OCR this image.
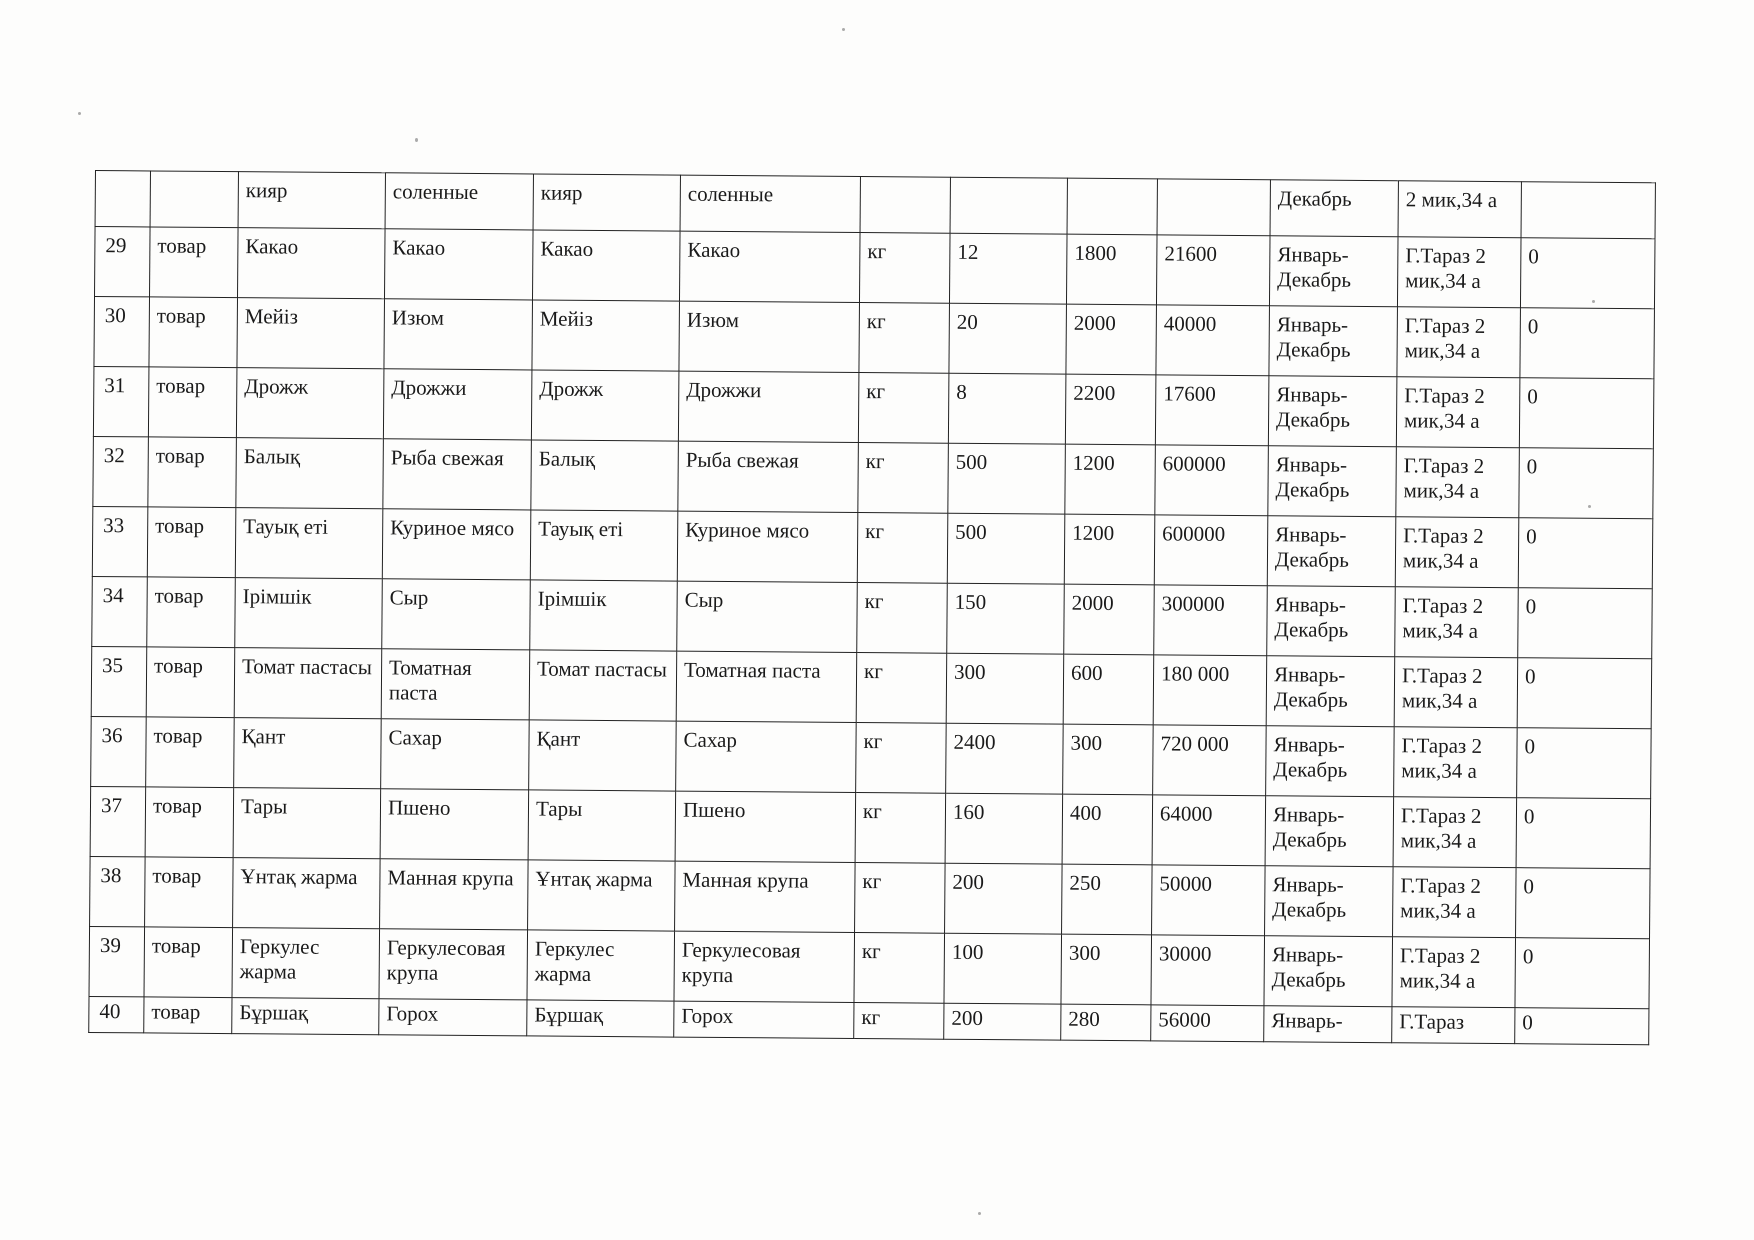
		кияр	соленные	кияр	соленные					Декабрь	2 мик,34 а	
29	товар	Какао	Какао	Какао	Какао	кг	12	1800	21600	Январь-Декабрь	Г.Тараз 2 мик,34 а	0
30	товар	Мейіз	Изюм	Мейіз	Изюм	кг	20	2000	40000	Январь-Декабрь	Г.Тараз 2 мик,34 а	0
31	товар	Дрожж	Дрожжи	Дрожж	Дрожжи	кг	8	2200	17600	Январь-Декабрь	Г.Тараз 2 мик,34 а	0
32	товар	Балық	Рыба свежая	Балық	Рыба свежая	кг	500	1200	600000	Январь-Декабрь	Г.Тараз 2 мик,34 а	0
33	товар	Тауық еті	Куриное мясо	Тауық еті	Куриное мясо	кг	500	1200	600000	Январь-Декабрь	Г.Тараз 2 мик,34 а	0
34	товар	Ірімшік	Сыр	Ірімшік	Сыр	кг	150	2000	300000	Январь-Декабрь	Г.Тараз 2 мик,34 а	0
35	товар	Томат пастасы	Томатная паста	Томат пастасы	Томатная паста	кг	300	600	180 000	Январь-Декабрь	Г.Тараз 2 мик,34 а	0
36	товар	Қант	Сахар	Қант	Сахар	кг	2400	300	720 000	Январь-Декабрь	Г.Тараз 2 мик,34 а	0
37	товар	Тары	Пшено	Тары	Пшено	кг	160	400	64000	Январь-Декабрь	Г.Тараз 2 мик,34 а	0
38	товар	Ұнтақ жарма	Манная крупа	Ұнтақ жарма	Манная крупа	кг	200	250	50000	Январь-Декабрь	Г.Тараз 2 мик,34 а	0
39	товар	Геркулес жарма	Геркулесовая крупа	Геркулес жарма	Геркулесовая крупа	кг	100	300	30000	Январь-Декабрь	Г.Тараз 2 мик,34 а	0
40	товар	Бұршақ	Горох	Бұршақ	Горох	кг	200	280	56000	Январь-	Г.Тараз	0
